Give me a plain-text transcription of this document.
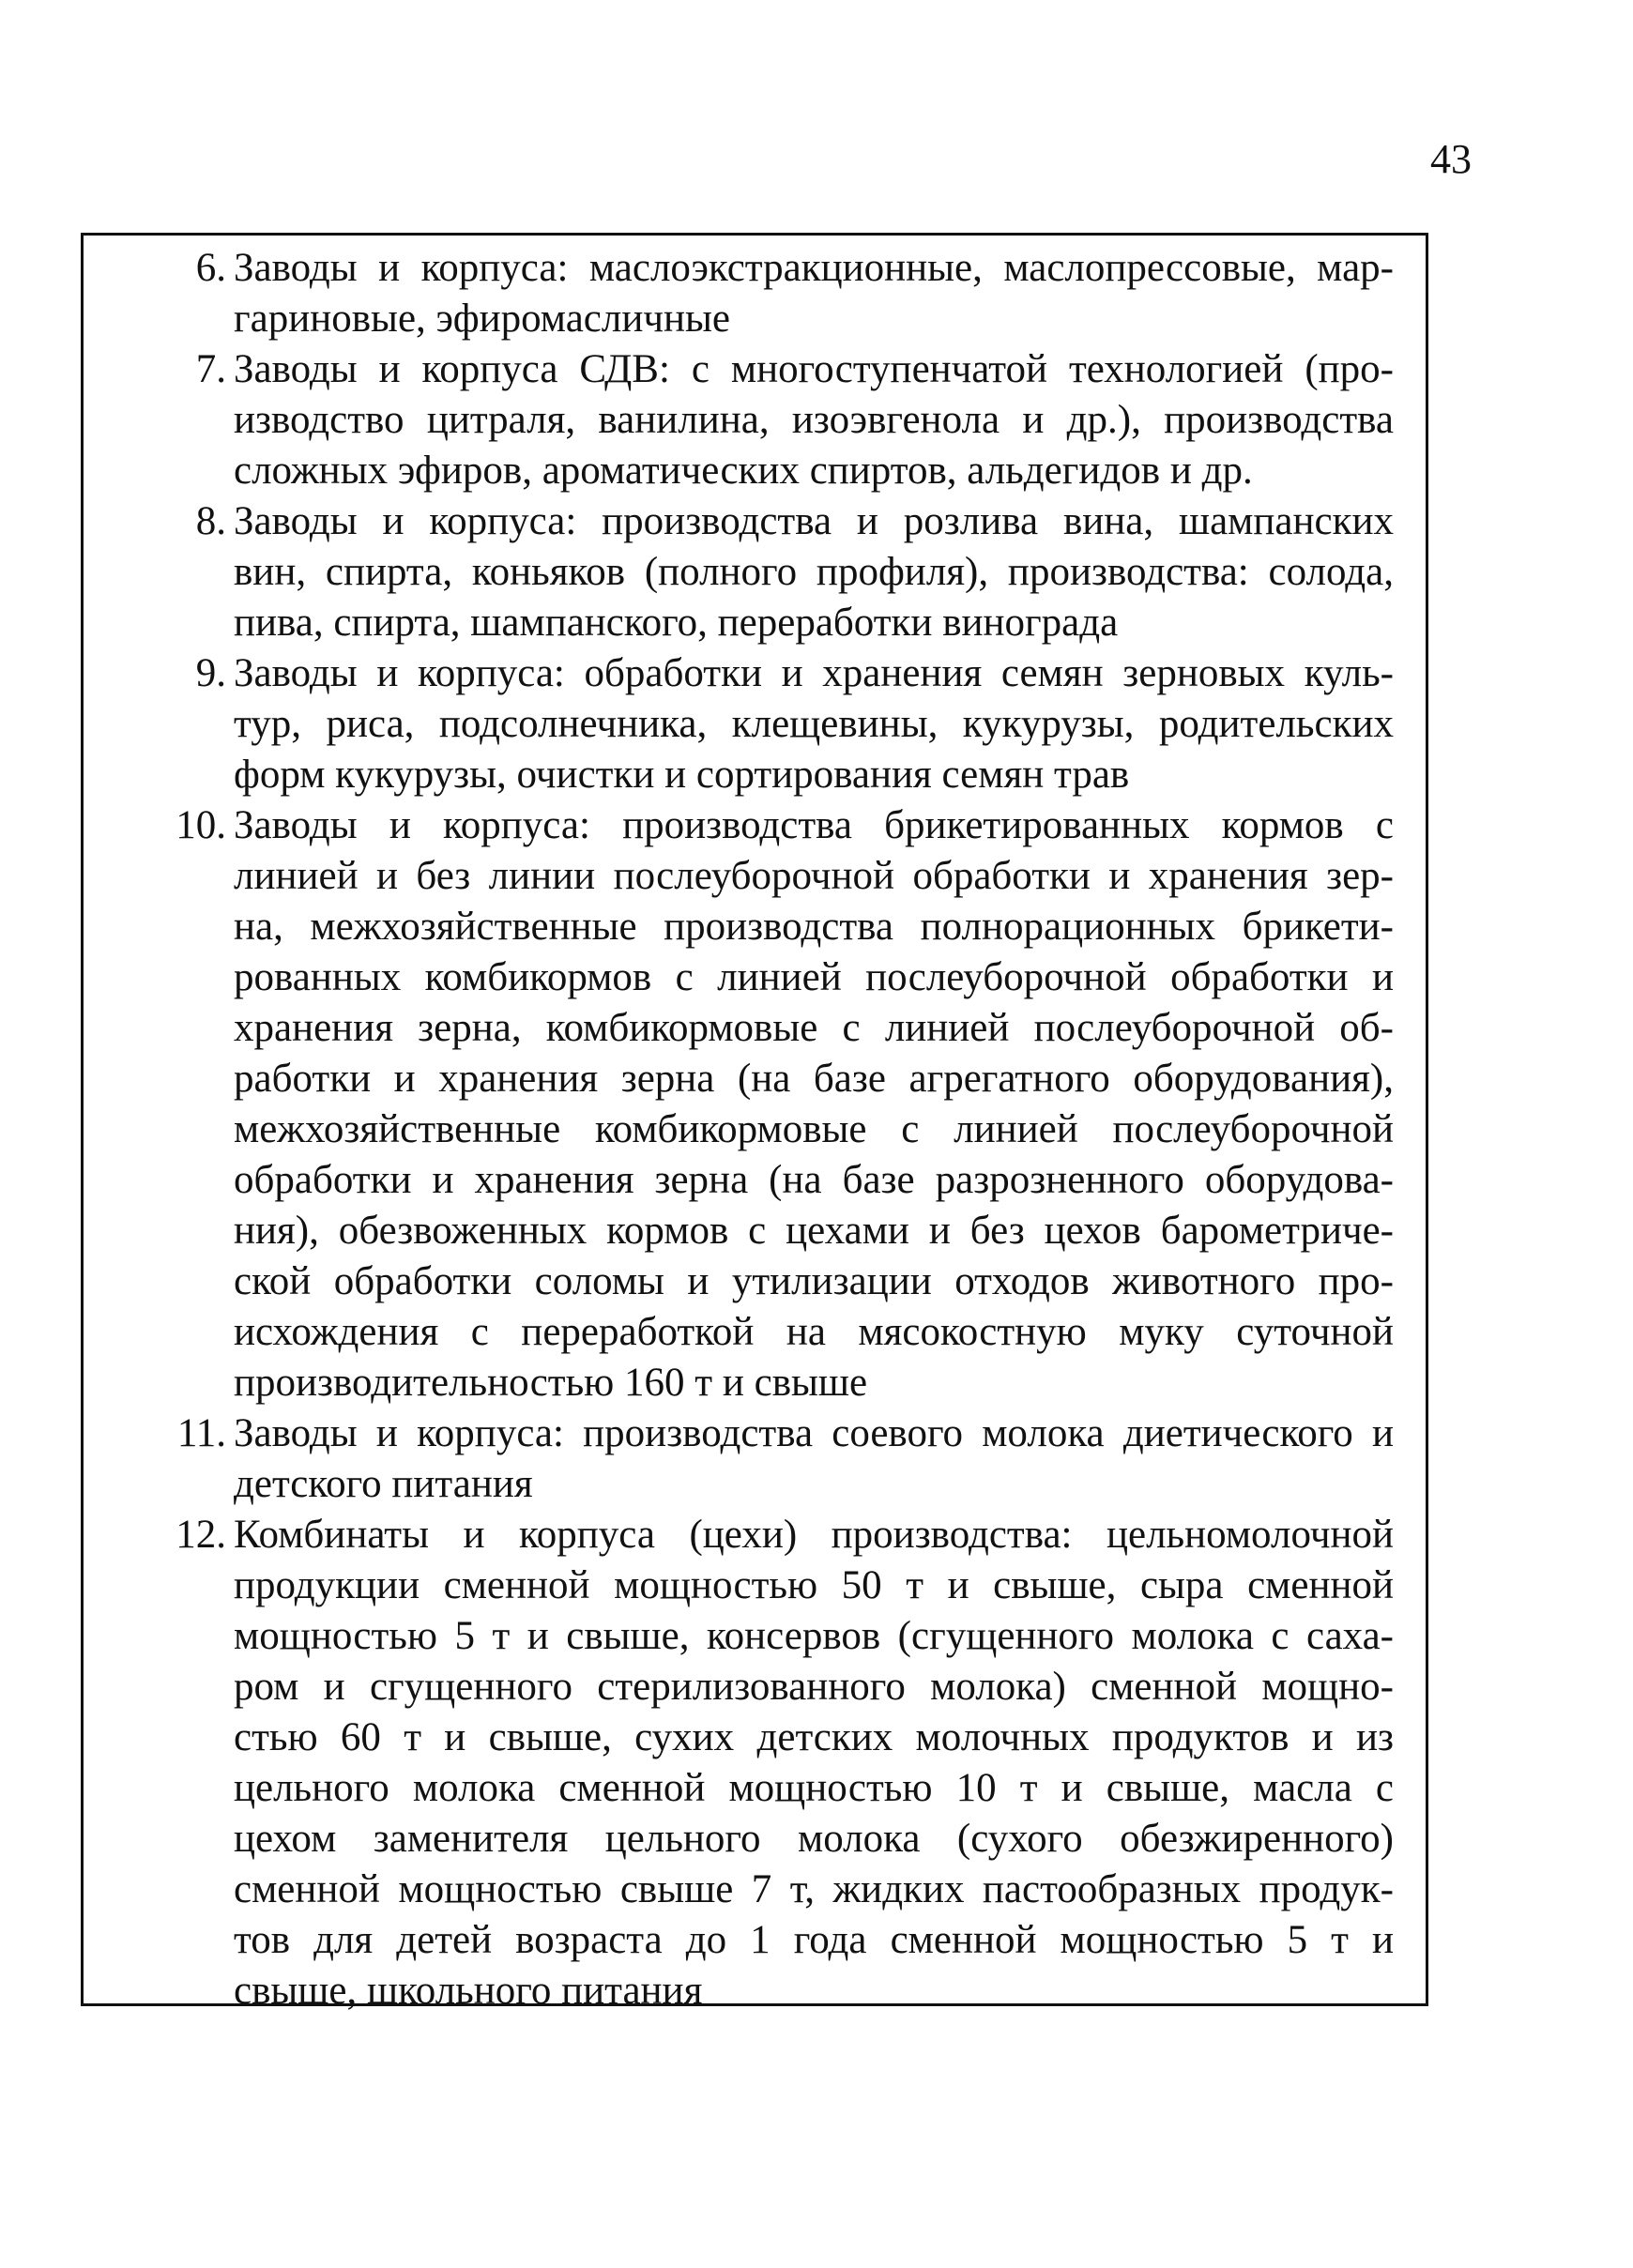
43
6. Заводы и корпуса: маслоэкстракционные, маслопрессовые, мар-
гариновые, эфиромасличные
7. Заводы и корпуса СДВ: с многоступенчатой технологией (про-
изводство цитраля, ванилина, изоэвгенола и др.), производства
сложных эфиров, ароматических спиртов, альдегидов и др.
8. Заводы и корпуса: производства и розлива вина, шампанских
вин, спирта, коньяков (полного профиля), производства: солода,
пива, спирта, шампанского, переработки винограда
9. Заводы и корпуса: обработки и хранения семян зерновых куль-
тур, риса, подсолнечника, клещевины, кукурузы, родительских
форм кукурузы, очистки и сортирования семян трав
10. Заводы и корпуса: производства брикетированных кормов с
линией и без линии послеуборочной обработки и хранения зер-
на, межхозяйственные производства полнорационных брикети-
рованных комбикормов с линией послеуборочной обработки и
хранения зерна, комбикормовые с линией послеуборочной об-
работки и хранения зерна (на базе агрегатного оборудования),
межхозяйственные комбикормовые с линией послеуборочной
обработки и хранения зерна (на базе разрозненного оборудова-
ния), обезвоженных кормов с цехами и без цехов барометриче-
ской обработки соломы и утилизации отходов животного про-
исхождения с переработкой на мясокостную муку суточной
производительностью 160 т и свыше
11. Заводы и корпуса: производства соевого молока диетического и
детского питания
12. Комбинаты и корпуса (цехи) производства: цельномолочной
продукции сменной мощностью 50 т и свыше, сыра сменной
мощностью 5 т и свыше, консервов (сгущенного молока с саха-
ром и сгущенного стерилизованного молока) сменной мощно-
стью 60 т и свыше, сухих детских молочных продуктов и из
цельного молока сменной мощностью 10 т и свыше, масла с
цехом заменителя цельного молока (сухого обезжиренного)
сменной мощностью свыше 7 т, жидких пастообразных продук-
тов для детей возраста до 1 года сменной мощностью 5 т и
свыше, школьного питания
